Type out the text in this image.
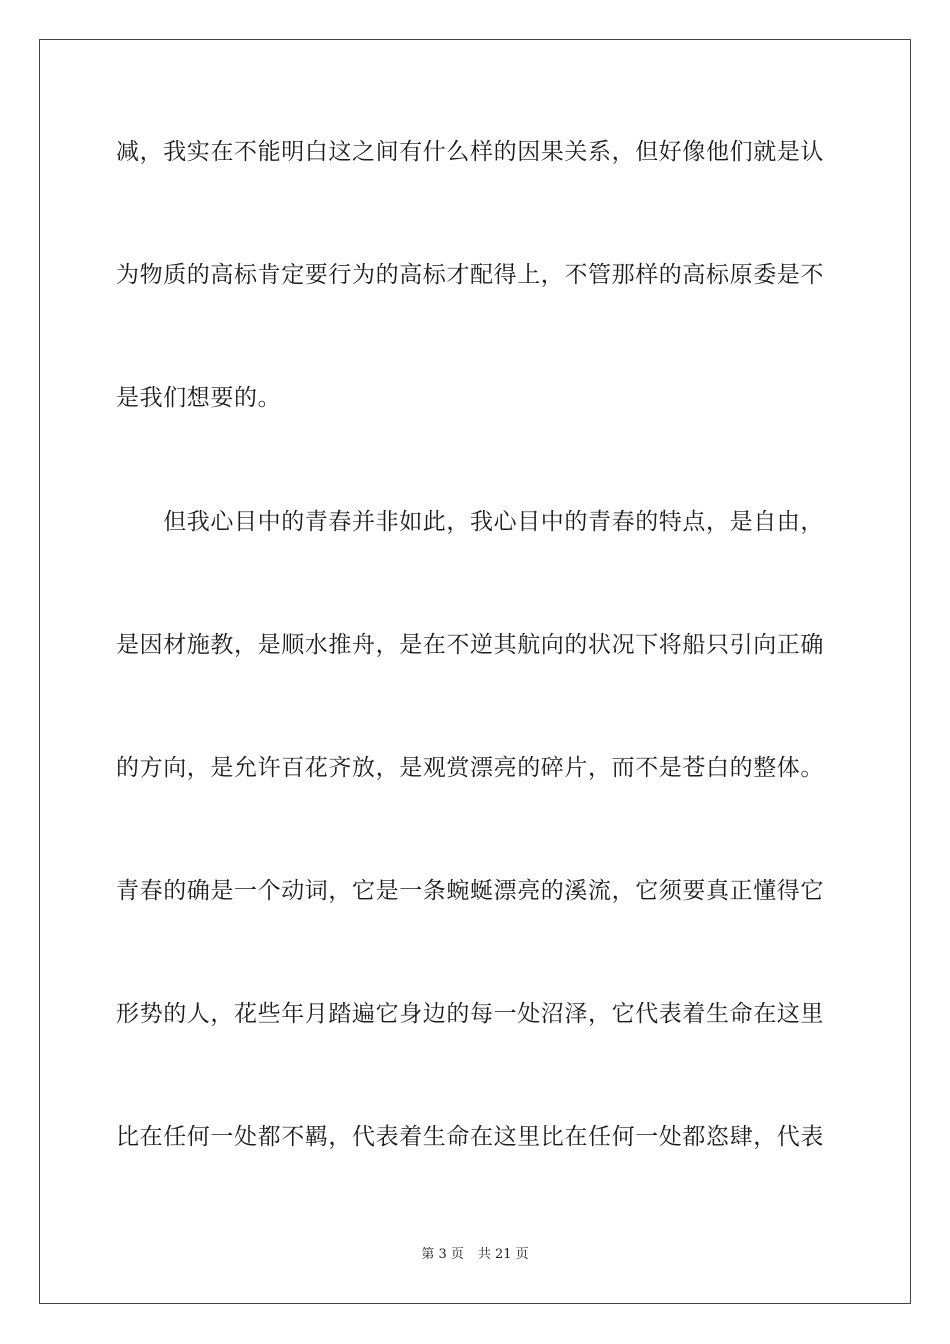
减，我实在不能明白这之间有什么样的因果关系，但好像他们就是认
为物质的高标肯定要行为的高标才配得上，不管那样的高标原委是不
是我们想要的。
　　但我心目中的青春并非如此，我心目中的青春的特点，是自由，
是因材施教，是顺水推舟，是在不逆其航向的状况下将船只引向正确
的方向，是允许百花齐放，是观赏漂亮的碎片，而不是苍白的整体。
青春的确是一个动词，它是一条蜿蜒漂亮的溪流，它须要真正懂得它
形势的人，花些年月踏遍它身边的每一处沼泽，它代表着生命在这里
比在任何一处都不羁，代表着生命在这里比在任何一处都恣肆，代表
第 3 页 共 21 页
